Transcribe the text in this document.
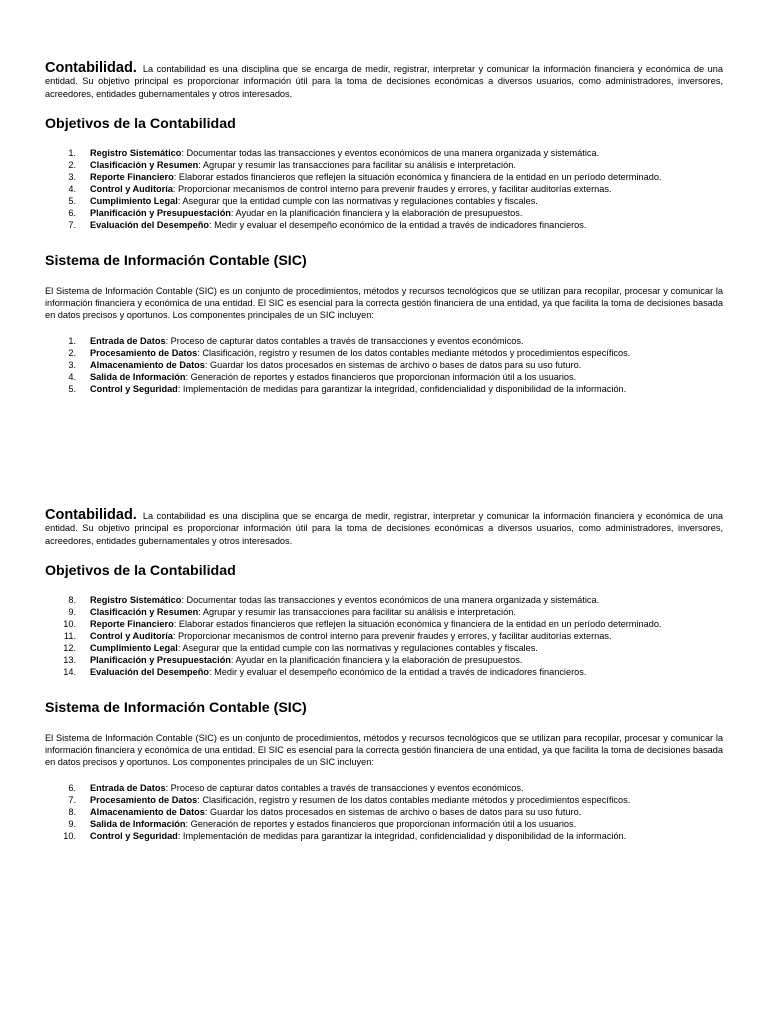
Contabilidad. La contabilidad es una disciplina que se encarga de medir, registrar, interpretar y comunicar la información financiera y económica de una entidad. Su objetivo principal es proporcionar información útil para la toma de decisiones económicas a diversos usuarios, como administradores, inversores, acreedores, entidades gubernamentales y otros interesados.

Objetivos de la Contabilidad
1. Registro Sistemático: Documentar todas las transacciones y eventos económicos de una manera organizada y sistemática.
2. Clasificación y Resumen: Agrupar y resumir las transacciones para facilitar su análisis e interpretación.
3. Reporte Financiero: Elaborar estados financieros que reflejen la situación económica y financiera de la entidad en un período determinado.
4. Control y Auditoría: Proporcionar mecanismos de control interno para prevenir fraudes y errores, y facilitar auditorías externas.
5. Cumplimiento Legal: Asegurar que la entidad cumple con las normativas y regulaciones contables y fiscales.
6. Planificación y Presupuestación: Ayudar en la planificación financiera y la elaboración de presupuestos.
7. Evaluación del Desempeño: Medir y evaluar el desempeño económico de la entidad a través de indicadores financieros.
Sistema de Información Contable (SIC)

El Sistema de Información Contable (SIC) es un conjunto de procedimientos, métodos y recursos tecnológicos que se utilizan para recopilar, procesar y comunicar la información financiera y económica de una entidad. El SIC es esencial para la correcta gestión financiera de una entidad, ya que facilita la toma de decisiones basada en datos precisos y oportunos. Los componentes principales de un SIC incluyen:

1. Entrada de Datos: Proceso de capturar datos contables a través de transacciones y eventos económicos.
2. Procesamiento de Datos: Clasificación, registro y resumen de los datos contables mediante métodos y procedimientos específicos.
3. Almacenamiento de Datos: Guardar los datos procesados en sistemas de archivo o bases de datos para su uso futuro.
4. Salida de Información: Generación de reportes y estados financieros que proporcionan información útil a los usuarios.
5. Control y Seguridad: Implementación de medidas para garantizar la integridad, confidencialidad y disponibilidad de la información.

Contabilidad. La contabilidad es una disciplina que se encarga de medir, registrar, interpretar y comunicar la información financiera y económica de una entidad. Su objetivo principal es proporcionar información útil para la toma de decisiones económicas a diversos usuarios, como administradores, inversores, acreedores, entidades gubernamentales y otros interesados.

Objetivos de la Contabilidad
8. Registro Sistemático: Documentar todas las transacciones y eventos económicos de una manera organizada y sistemática.
9. Clasificación y Resumen: Agrupar y resumir las transacciones para facilitar su análisis e interpretación.
10. Reporte Financiero: Elaborar estados financieros que reflejen la situación económica y financiera de la entidad en un período determinado.
11. Control y Auditoría: Proporcionar mecanismos de control interno para prevenir fraudes y errores, y facilitar auditorías externas.
12. Cumplimiento Legal: Asegurar que la entidad cumple con las normativas y regulaciones contables y fiscales.
13. Planificación y Presupuestación: Ayudar en la planificación financiera y la elaboración de presupuestos.
14. Evaluación del Desempeño: Medir y evaluar el desempeño económico de la entidad a través de indicadores financieros.
Sistema de Información Contable (SIC)

El Sistema de Información Contable (SIC) es un conjunto de procedimientos, métodos y recursos tecnológicos que se utilizan para recopilar, procesar y comunicar la información financiera y económica de una entidad. El SIC es esencial para la correcta gestión financiera de una entidad, ya que facilita la toma de decisiones basada en datos precisos y oportunos. Los componentes principales de un SIC incluyen:

6. Entrada de Datos: Proceso de capturar datos contables a través de transacciones y eventos económicos.
7. Procesamiento de Datos: Clasificación, registro y resumen de los datos contables mediante métodos y procedimientos específicos.
8. Almacenamiento de Datos: Guardar los datos procesados en sistemas de archivo o bases de datos para su uso futuro.
9. Salida de Información: Generación de reportes y estados financieros que proporcionan información útil a los usuarios.
10. Control y Seguridad: Implementación de medidas para garantizar la integridad, confidencialidad y disponibilidad de la información.
